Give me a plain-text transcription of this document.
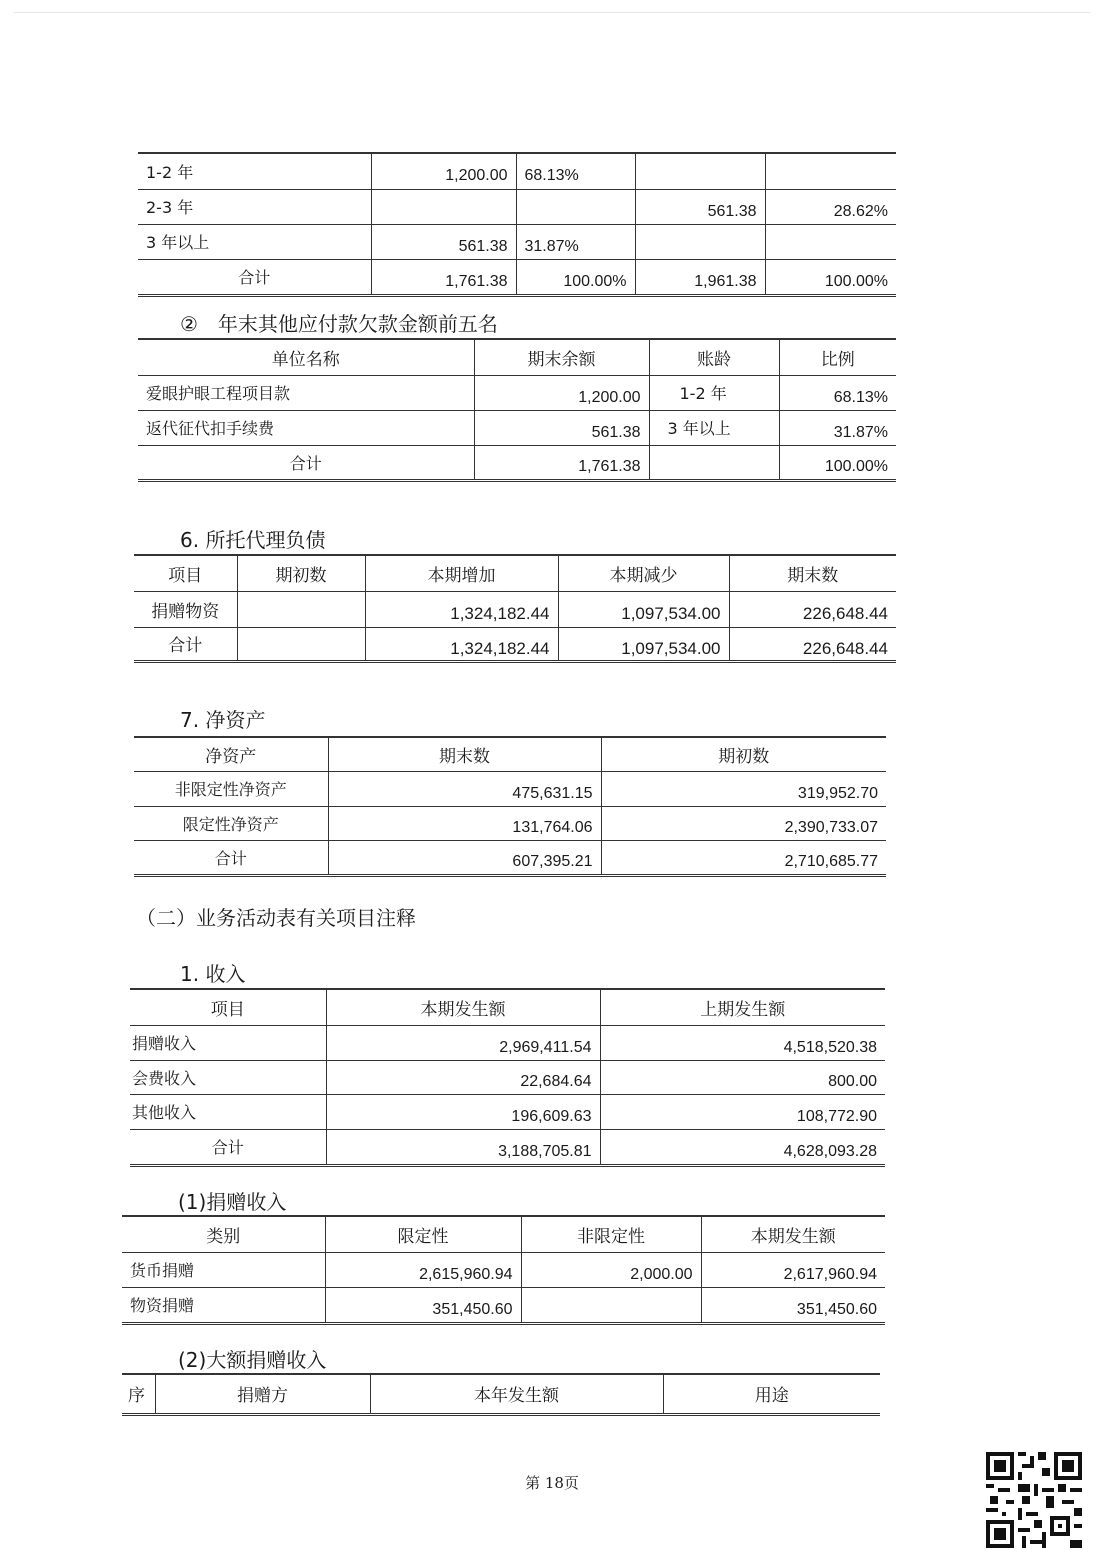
1-2 年	1,200.00	68.13%		
2-3 年			561.38	28.62%
3 年以上	561.38	31.87%		
合计	1,761.38	100.00%	1,961.38	100.00%
②　年末其他应付款欠款金额前五名
单位名称	期末余额	账龄	比例
爱眼护眼工程项目款	1,200.00	1-2 年	68.13%
返代征代扣手续费	561.38	3 年以上	31.87%
合计	1,761.38		100.00%
6. 所托代理负债
项目	期初数	本期增加	本期减少	期末数
捐赠物资		1,324,182.44	1,097,534.00	226,648.44
合计		1,324,182.44	1,097,534.00	226,648.44
7. 净资产
净资产	期末数	期初数
非限定性净资产	475,631.15	319,952.70
限定性净资产	131,764.06	2,390,733.07
合计	607,395.21	2,710,685.77
（二）业务活动表有关项目注释
1. 收入
项目	本期发生额	上期发生额
捐赠收入	2,969,411.54	4,518,520.38
会费收入	22,684.64	800.00
其他收入	196,609.63	108,772.90
合计	3,188,705.81	4,628,093.28
(1)捐赠收入
类别	限定性	非限定性	本期发生额
货币捐赠	2,615,960.94	2,000.00	2,617,960.94
物资捐赠	351,450.60		351,450.60
(2)大额捐赠收入
序	捐赠方	本年发生额	用途
第 18页
